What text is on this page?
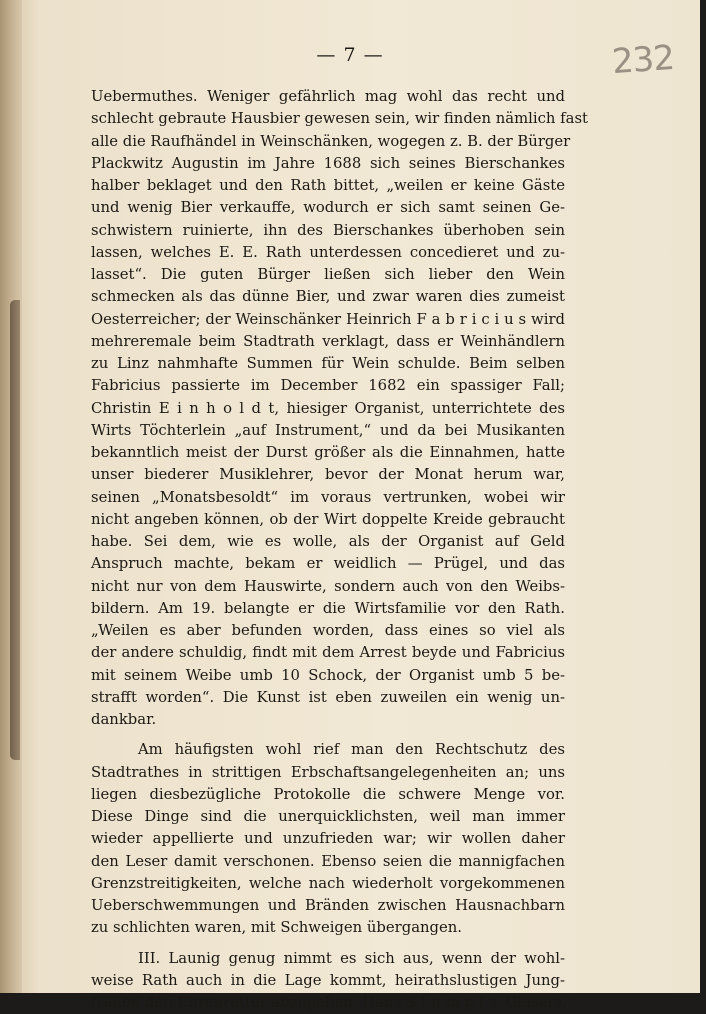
— 7 —	232
Uebermuthes. Weniger gefährlich mag wohl das recht und
schlecht gebraute Hausbier gewesen sein, wir finden nämlich fast
alle die Raufhändel in Weinschänken, wogegen z. B. der Bürger
Plackwitz Augustin im Jahre 1688 sich seines Bierschankes
halber beklaget und den Rath bittet, „weilen er keine Gäste
und wenig Bier verkauffe, wodurch er sich samt seinen Ge-
schwistern ruinierte, ihn des Bierschankes überhoben sein
lassen, welches E. E. Rath unterdessen concedieret und zu-
lasset“. Die guten Bürger ließen sich lieber den Wein
schmecken als das dünne Bier, und zwar waren dies zumeist
Oesterreicher; der Weinschänker Heinrich F a b r i c i u s wird
mehreremale beim Stadtrath verklagt, dass er Weinhändlern
zu Linz nahmhafte Summen für Wein schulde. Beim selben
Fabricius passierte im December 1682 ein spassiger Fall;
Christin E i n h o l d t, hiesiger Organist, unterrichtete des
Wirts Töchterlein „auf Instrument,“ und da bei Musikanten
bekanntlich meist der Durst größer als die Einnahmen, hatte
unser biederer Musiklehrer, bevor der Monat herum war,
seinen „Monatsbesoldt“ im voraus vertrunken, wobei wir
nicht angeben können, ob der Wirt doppelte Kreide gebraucht
habe. Sei dem, wie es wolle, als der Organist auf Geld
Anspruch machte, bekam er weidlich — Prügel, und das
nicht nur von dem Hauswirte, sondern auch von den Weibs-
bildern. Am 19. belangte er die Wirtsfamilie vor den Rath.
„Weilen es aber befunden worden, dass eines so viel als
der andere schuldig, findt mit dem Arrest beyde und Fabricius
mit seinem Weibe umb 10 Schock, der Organist umb 5 be-
strafft worden“. Die Kunst ist eben zuweilen ein wenig un-
dankbar.
Am häufigsten wohl rief man den Rechtschutz des
Stadtrathes in strittigen Erbschaftsangelegenheiten an; uns
liegen diesbezügliche Protokolle die schwere Menge vor.
Diese Dinge sind die unerquicklichsten, weil man immer
wieder appellierte und unzufrieden war; wir wollen daher
den Leser damit verschonen. Ebenso seien die mannigfachen
Grenzstreitigkeiten, welche nach wiederholt vorgekommenen
Ueberschwemmungen und Bränden zwischen Hausnachbarn
zu schlichten waren, mit Schweigen übergangen.
III. Launig genug nimmt es sich aus, wenn der wohl-
weise Rath auch in die Lage kommt, heirathslustigen Jung-
frauen den Ehrenretter abzugeben. Hans S t u m p f s, Glasers,
